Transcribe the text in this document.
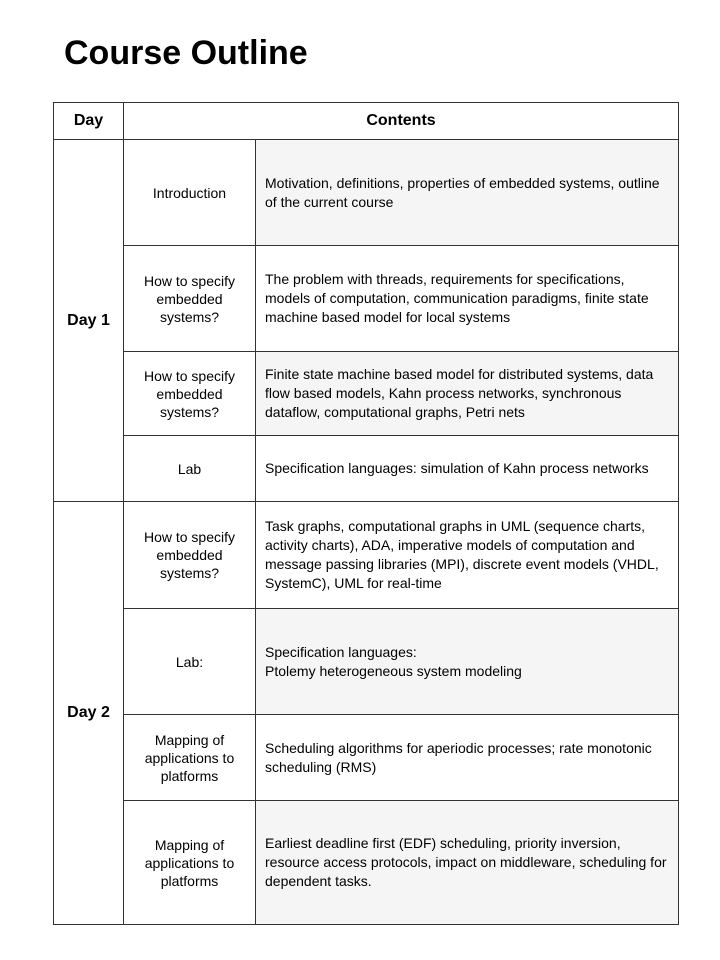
Course Outline
Day	Contents	
Day 1	Introduction	Motivation, definitions, properties of embedded systems, outline of the current course
	How to specify embedded systems?	The problem with threads, requirements for specifications, models of computation, communication paradigms, finite state machine based model for local systems
	How to specify embedded systems?	Finite state machine based model for distributed systems, data flow based models, Kahn process networks, synchronous dataflow, computational graphs, Petri nets
	Lab	Specification languages: simulation of Kahn process networks
Day 2	How to specify embedded systems?	Task graphs, computational graphs in UML (sequence charts, activity charts), ADA, imperative models of computation and message passing libraries (MPI), discrete event models (VHDL, SystemC), UML for real-time
	Lab:	Specification languages:
Ptolemy heterogeneous system modeling

	Mapping of applications to platforms	Scheduling algorithms for aperiodic processes; rate monotonic scheduling (RMS)
	Mapping of applications to platforms	Earliest deadline first (EDF) scheduling, priority inversion, resource access protocols, impact on middleware, scheduling for dependent tasks.
